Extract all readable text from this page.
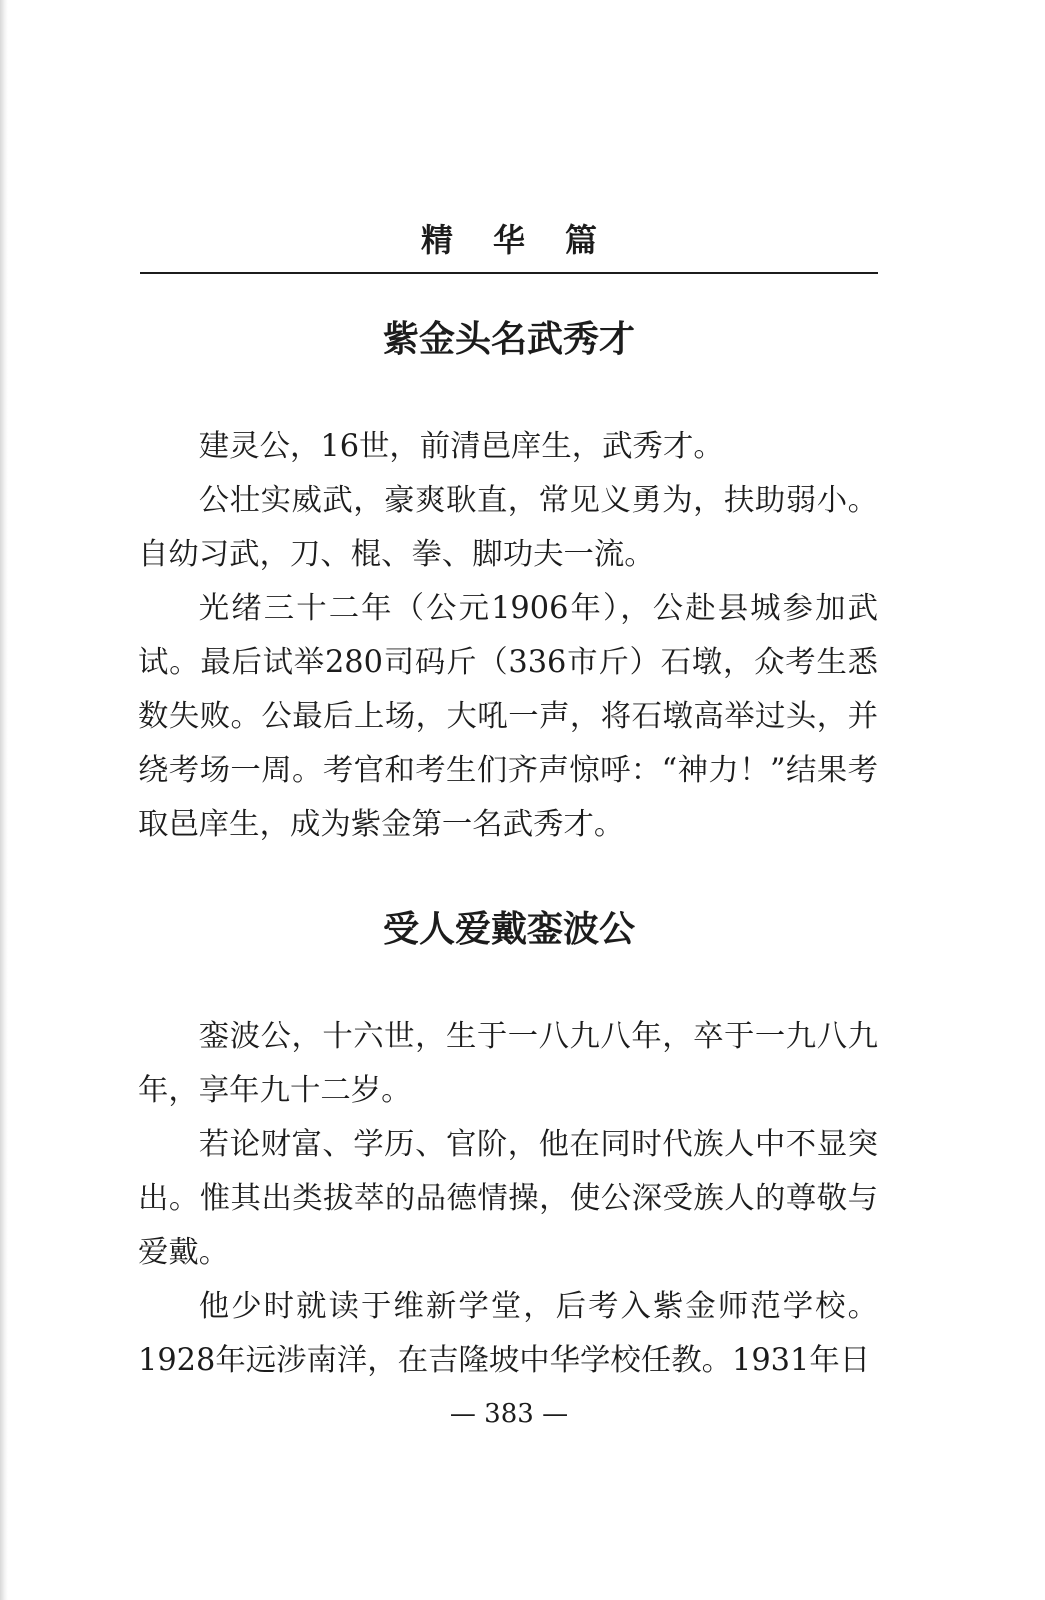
精华篇
紫金头名武秀才

建灵公，16世，前清邑庠生，武秀才。

公壮实威武，豪爽耿直，常见义勇为，扶助弱小。自幼习武，刀、棍、拳、脚功夫一流。

光绪三十二年（公元1906年），公赴县城参加武试。最后试举280司码斤（336市斤）石墩，众考生悉数失败。公最后上场，大吼一声，将石墩高举过头，并绕考场一周。考官和考生们齐声惊呼：“神力！”结果考取邑庠生，成为紫金第一名武秀才。

受人爱戴銮波公

銮波公，十六世，生于一八九八年，卒于一九八九年，享年九十二岁。

若论财富、学历、官阶，他在同时代族人中不显突出。惟其出类拔萃的品德情操，使公深受族人的尊敬与爱戴。

他少时就读于维新学堂，后考入紫金师范学校。1928年远涉南洋，在吉隆坡中华学校任教。1931年日

— 383 —
